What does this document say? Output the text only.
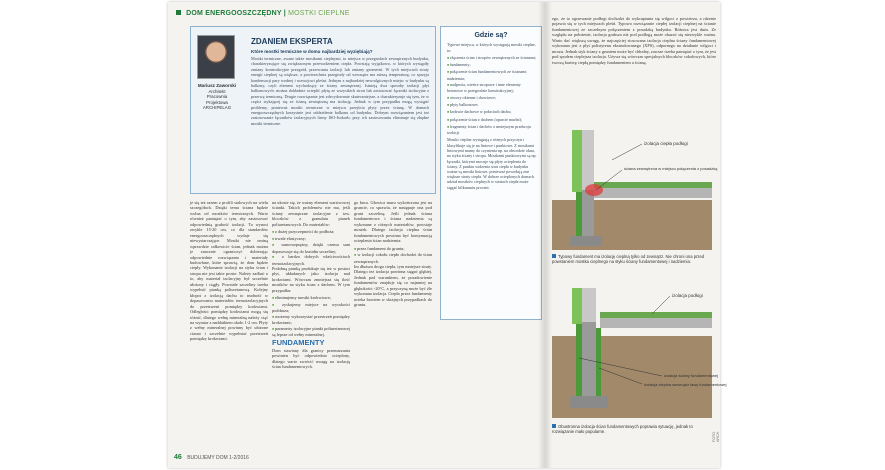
DOM ENERGOOSZCZĘDNY | MOSTKI CIEPLNE
Mariusz Zaworski
Architekt
Pracownia
Projektowa
ARCHIPELAG
ZDANIEM EKSPERTA
Które mostki termiczne w domu najbardziej wyziębiają?
Mostki termiczne, zwane także mostkami cieplnymi, to miejsca w przegrodach zewnętrznych budynku, charakteryzujące się zwiększonym przewodzeniem ciepła. Powstają wyjątkowo, w których wystąpiły zmiany konstrukcyjne przegród, przerwania izolacji lub zmiany geometrii. W tych miejscach straty energii cieplnej są większe, a powierzchnia przegrody od wewnątrz ma niższą temperaturę, co sprzyja kondensacji pary wodnej i rozwojowi pleśni. Jednym z najbardziej newralgicznych miejsc w budynku są balkony, czyli element wychodzący ze ściany zewnętrznej. Istnieją dwa sposoby izolacji płyt balkonowych: można dokładnie ocieplić płytę ze wszystkich stron lub zastosować łączniki izolacyjne z przerwą termiczną. Drugie rozwiązanie jest zdecydowanie skuteczniejsze, a charakteryzuje się tym, że w części stykającej się ze ścianą zewnętrzną ma izolację. Jednak w tym przypadku mogą wystąpić problemy, ponieważ mostki termiczne w miejscu przejścia płyty przez ścianę. W domach energooszczędnych korzystnie jest oddzielenie balkonu od budynku. Dobrym rozwiązaniem jest też zastosowanie łączników izolacyjnych firmy ISO-Isokorb; przy ich zastosowaniu eliminuje się zbędne mostki termiczne.
Gdzie są?
Typowe miejsca, w których występują mostki cieplne, to:
■ złączenia ścian i stropów zewnętrznych ze ścianami;
■ fundamenty;
■ połączenie ścian fundamentowych ze ścianami nadziemia;
■ nadproża, wieńce stropowe i inne elementy betonowe w przegrodzie konstrukcyjnej;
■ otwory okienne i drzwiowe;
■ płyty balkonowe;
■ krokwie dachowe w połaciach dachu;
■ połączenie ścian z dachem (oparcie murłat);
■ fragmenty ścian i dachów o mniejszym przekroju izolacji.
Mostki cieplne występują z różnych przyczyn i klasyfikuje się je na liniowe i punktowe. Z mostkami liniowymi mamy do czynienia np. na obwodzie okna, na styku ściany i stropu. Mostkami punktowymi są np. łączniki, którymi mocuje się płyty ocieplenia do ściany. Z punktu widzenia strat ciepła w budynku ważne są mostki liniowe, ponieważ powodują one większe straty ciepła. W dobrze ocieplonych domach udział mostków cieplnych w stratach ciepła może sięgać kilkunastu procent.

je się też razem z profili stalowych na wielu szczegółach. Dzięki temu ściana będzie wolna od mostków termicznych. Warto również pamiętać o tym, aby zastosować odpowiednią grubość izolacji. Ta wynosi zwykle 15-20 cm, co dla standardów energooszczędnych wydaje się niewystarczające. Mostki nie ominą wprawdzie całkowicie ścian, jednak można je znacznie ograniczyć dobierając odpowiednie rozwiązania i materiały budowlane, które sprawią, że dom będzie ciepły. Wykonanie izolacji na styku ścian i stropu nie jest takie proste. Należy zadbać o to, aby materiał izolacyjny był szczelnie ułożony i ciągły. Powstałe szczeliny trzeba wypełnić pianką poliuretanową. Kolejny kłopot z izolacją dachu to trudność w dopasowaniu materiałów termoizolacyjnych do przestrzeni pomiędzy krokwiami. Odległości pomiędzy krokwiami mogą się różnić, dlatego wełnę mineralną należy ciąć na wymiar z naddatkiem około 1-2 cm. Płyty z wełny mineralnej powinny być ułożone ciasno i szczelnie wypełniać przestrzeń pomiędzy krokwiami.

na ukosie się, że ważny element warstwowej ścianki. Takich problemów nie ma, jeśli ściany zewnętrzne izolacyjne z tzw. bloczków z granulatu pianek poliuretanowych. Do materiałów:

■ o dużej przyczepności do podłoża;
■ trwale elastyczny;
■ samorozprężny, dzięki czemu sam dopasowuje się do kształtu szczeliny;
■ o bardzo dobrych właściwościach termoizolacyjnych.

Podobną pianką produkuje się też w postaci płyt, układanych jako izolacja nad krokwiami. Wówczas zmniejsza się ilość mostków na styku ścian z dachem. W tym przypadku:

■ eliminujemy mostki krokwiowe;
■ zyskujemy miejsce na wysokości poddasza;
■ możemy wykorzystać przestrzeń pomiędzy krokwiami;
■ parametry izolacyjne pianki poliuretanowej są lepsze od wełny mineralnej.
FUNDAMENTY

Dom stawiany dla granicy przemarzania powinien być odpowiednio ocieplony, dlatego warto zwrócić uwagę na izolację ścian fundamentowych.

go ława. Głowica muru wykończona jest na gruncie, co sprawia, że następuje ona pod grunt szczeliną. Jeśli jednak ściana fundamentowa i ściana nadziemia są wykonane z różnych materiałów, powstaje mostek. Dlatego izolacja cieplna ścian fundamentowych powinna być kontynuacją ocieplenia ścian nadziemia:

■ przez fundament do gruntu;
■ w izolacji cokołu ciepło dochodzi do ścian zewnętrznych.

Im dłuższa droga ciepła, tym mniejsze straty. Dlatego też izolacja powinna sięgać głębiej. Jednak pod warunkiem, że posadowienie fundamentów znajduje się co najmniej na głębokości -20°C, a przyczyną może być źle wykonana izolacja. Ciepło przez fundamenty ucieka bowiem w skrajnych przypadkach do gruntu.

46 BUDUJEMY DOM 1-2/2016

ego, że to ogrzewanie podłogi dochodzi do wykrapiania się wilgoci z powietrza, a rdzenie pojawia się w tych miejscach pleśń. Typowo rozwiązanie ciepłej izolacji cieplnej na ścianie fundamentowej ze szczelnym połączeniem z posadzką budynku. Różnica jest duża. Ze względu na położenie, izolacja grubsza niż pod podłogą może okazać się niezwykle ważna. Warto dać większą uwagę, że najczęściej stosowana izolacja cieplna ściany fundamentowej wykonana jest z płyt polistyrenu ekstrudowanego (XPS), odpornego na działanie wilgoci i mrozu. Jednak styk ściany z gruntem może być chłodny, zawsze trzeba pamiętać o tym, że jest pod spodem cieplejsza izolacja. Używa się wówczas specjalnych bloczków cokołowych, które tworzą barierę ciepłą pomiędzy fundamentem a ścianą.

izolacja ciepła podłogi
ściana zewnętrzna w miejscu połączenia z posadzką
Typowy fundament ma izolację cieplną tylko od zewnątrz. Nie chroni ona przed powstaniem mostka cieplnego na styku ściany fundamentowej i nadziemia.
izolacja podłogi
izolacja ściany fundamentowej
izolacja cieplna wewnątrz ławy fundamentowej
Obustronna izolacja ścian fundamentowych poprawia sytuację, jednak to rozwiązanie mało popularne.	FOTO: ARCH.
